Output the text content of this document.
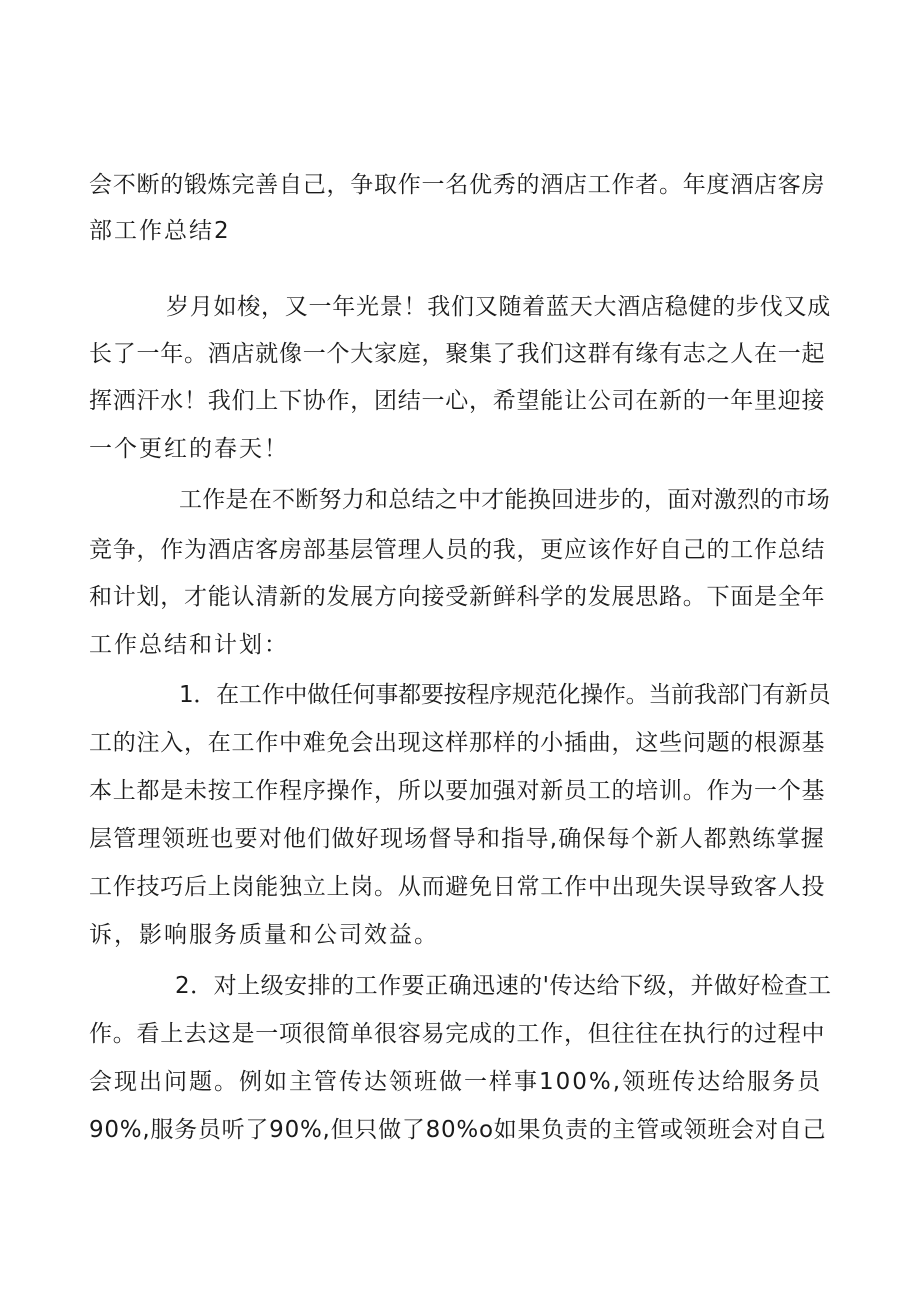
会不断的锻炼完善自己，争取作一名优秀的酒店工作者。年度酒店客房
部工作总结2
岁月如梭，又一年光景！我们又随着蓝天大酒店稳健的步伐又成
长了一年。酒店就像一个大家庭，聚集了我们这群有缘有志之人在一起
挥洒汗水！我们上下协作，团结一心，希望能让公司在新的一年里迎接
一个更红的春天！
工作是在不断努力和总结之中才能换回进步的，面对激烈的市场
竞争，作为酒店客房部基层管理人员的我，更应该作好自己的工作总结
和计划，才能认清新的发展方向接受新鲜科学的发展思路。下面是全年
工作总结和计划：
1．在工作中做任何事都要按程序规范化操作。当前我部门有新员
工的注入，在工作中难免会出现这样那样的小插曲，这些问题的根源基
本上都是未按工作程序操作，所以要加强对新员工的培训。作为一个基
层管理领班也要对他们做好现场督导和指导,确保每个新人都熟练掌握
工作技巧后上岗能独立上岗。从而避免日常工作中出现失误导致客人投
诉，影响服务质量和公司效益。
2．对上级安排的工作要正确迅速的'传达给下级，并做好检查工
作。看上去这是一项很简单很容易完成的工作，但往往在执行的过程中
会现出问题。例如主管传达领班做一样事100%,领班传达给服务员
90%,服务员听了90%,但只做了80%o如果负责的主管或领班会对自己
